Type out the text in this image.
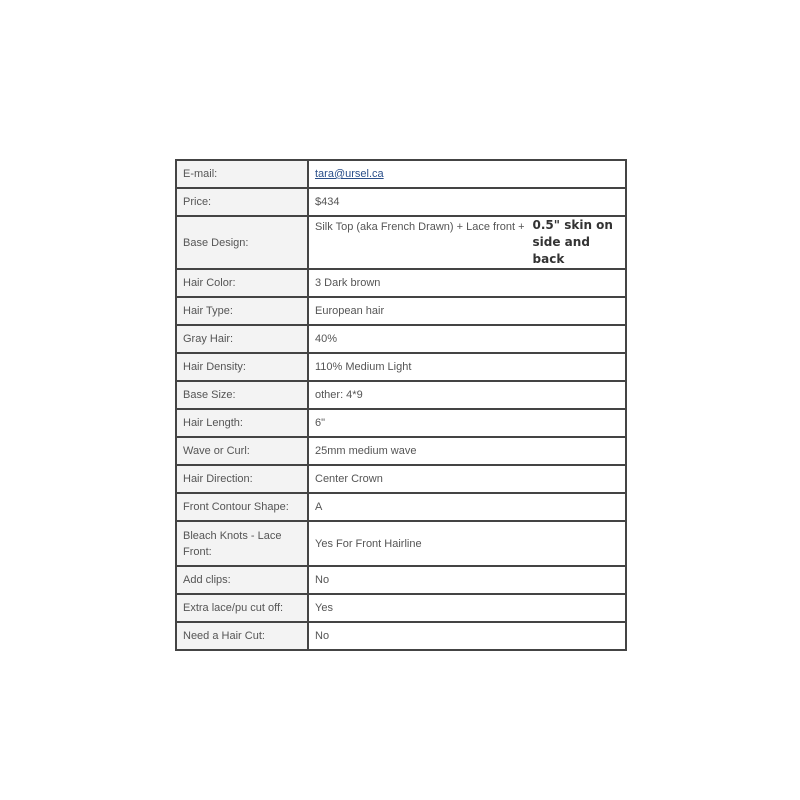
E-mail:	tara@ursel.ca
Price:	$434
Base Design:	Silk Top (aka French Drawn) + Lace front + 0.5" skin on side and back

Hair Color:	3 Dark brown
Hair Type:	European hair
Gray Hair:	40%
Hair Density:	110% Medium Light
Base Size:	other: 4*9
Hair Length:	6"
Wave or Curl:	25mm medium wave
Hair Direction:	Center Crown
Front Contour Shape:	A
Bleach Knots - Lace Front:	Yes For Front Hairline
Add clips:	No
Extra lace/pu cut off:	Yes
Need a Hair Cut:	No
